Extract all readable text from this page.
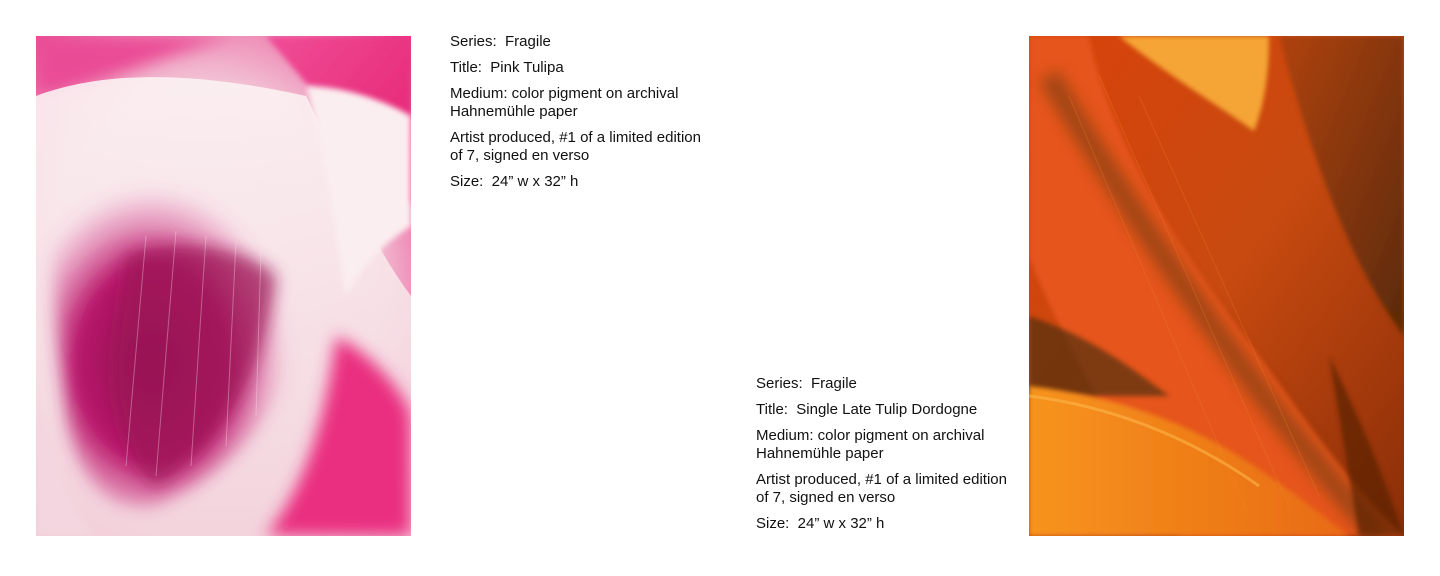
Series:  Fragile

Title:  Pink Tulipa

Medium: color pigment on archival Hahnemühle paper

Artist produced, #1 of a limited edition of 7, signed en verso

Size:  24” w x 32” h

Series:  Fragile

Title:  Single Late Tulip Dordogne

Medium: color pigment on archival Hahnemühle paper

Artist produced, #1 of a limited edition of 7, signed en verso

Size:  24” w x 32” h
